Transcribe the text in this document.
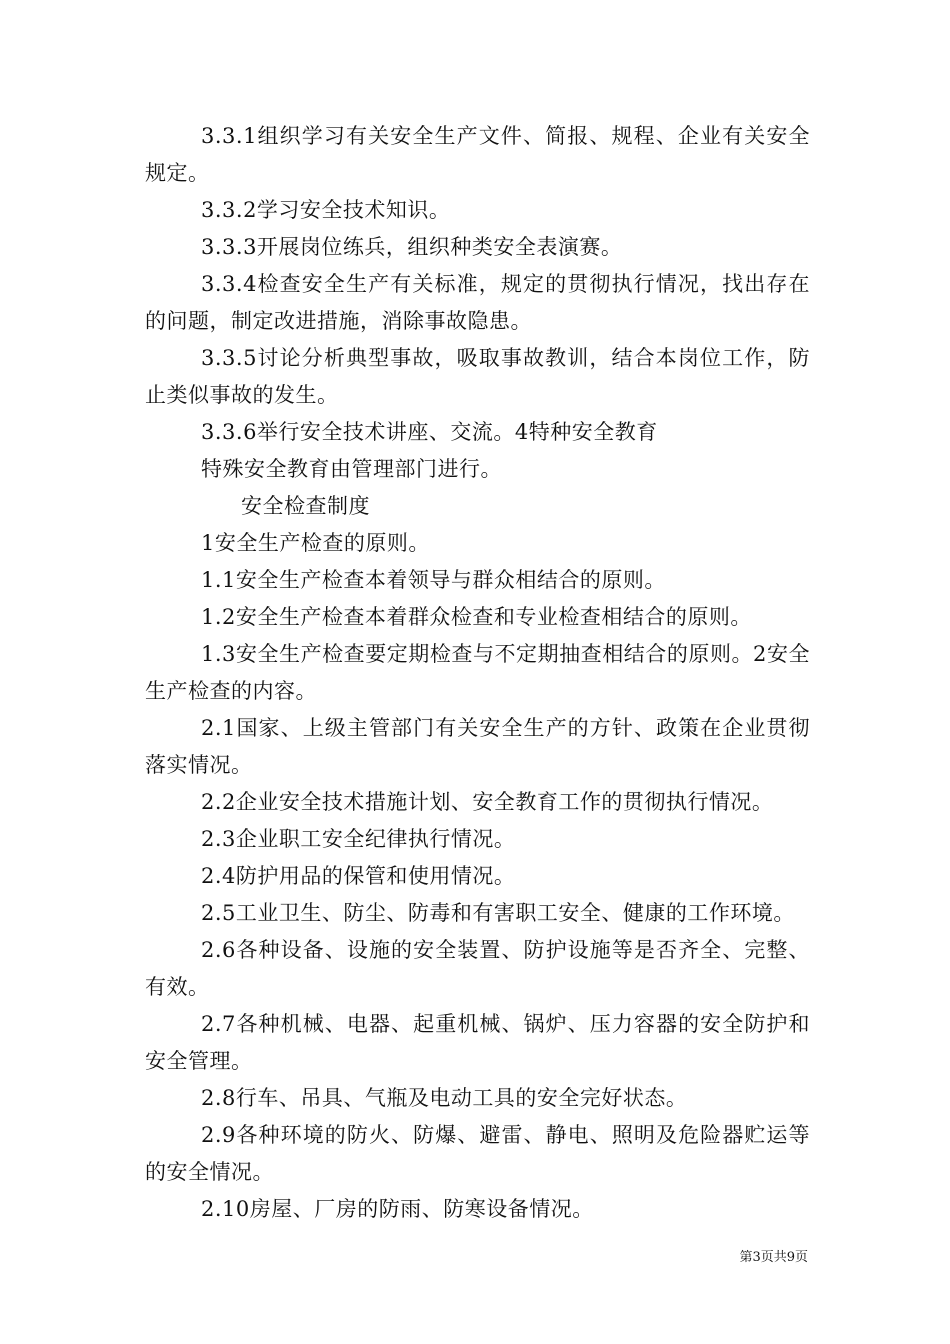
3.3.1组织学习有关安全生产文件、简报、规程、企业有关安全规定。

3.3.2学习安全技术知识。

3.3.3开展岗位练兵，组织种类安全表演赛。

3.3.4检查安全生产有关标准，规定的贯彻执行情况，找出存在的问题，制定改进措施，消除事故隐患。

3.3.5讨论分析典型事故，吸取事故教训，结合本岗位工作，防止类似事故的发生。

3.3.6举行安全技术讲座、交流。4特种安全教育

特殊安全教育由管理部门进行。

安全检查制度

1安全生产检查的原则。

1.1安全生产检查本着领导与群众相结合的原则。

1.2安全生产检查本着群众检查和专业检查相结合的原则。

1.3安全生产检查要定期检查与不定期抽查相结合的原则。2安全生产检查的内容。

2.1国家、上级主管部门有关安全生产的方针、政策在企业贯彻落实情况。

2.2企业安全技术措施计划、安全教育工作的贯彻执行情况。

2.3企业职工安全纪律执行情况。

2.4防护用品的保管和使用情况。

2.5工业卫生、防尘、防毒和有害职工安全、健康的工作环境。

2.6各种设备、设施的安全装置、防护设施等是否齐全、完整、有效。

2.7各种机械、电器、起重机械、锅炉、压力容器的安全防护和安全管理。

2.8行车、吊具、气瓶及电动工具的安全完好状态。

2.9各种环境的防火、防爆、避雷、静电、照明及危险器贮运等的安全情况。

2.10房屋、厂房的防雨、防寒设备情况。

第3页共9页
